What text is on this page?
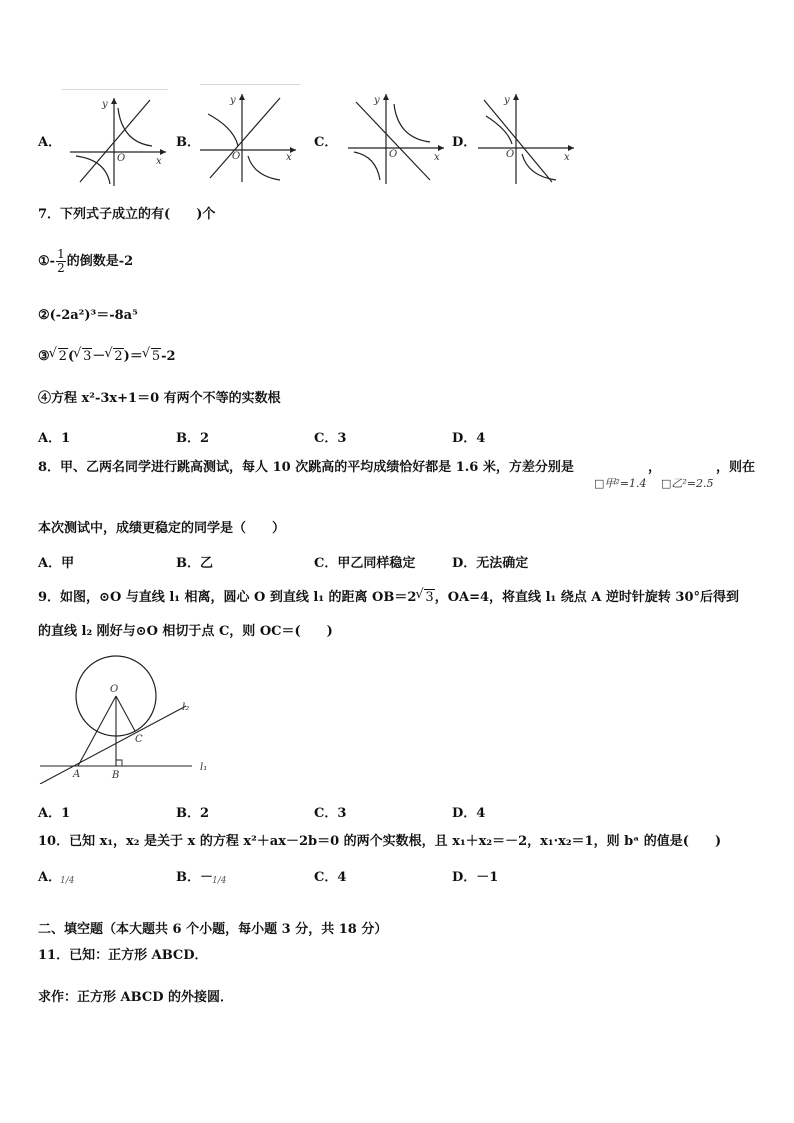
A．
y
x
O
B．
y
x
O
C．
y
x
O
D．
y
x
O
7．下列式子成立的有(　　)个
①- $\frac{1}{2}$ 的倒数是-2
②(-2a²)³＝-8a⁵
③ √ 2( √ 3－ √ 2)＝ √ 5-2
④方程 x²-3x+1＝0 有两个不等的实数根
A．1	B．2	C．3	D．4
8．甲、乙两名同学进行跳高测试，每人 10 次跳高的平均成绩恰好都是 1.6 米，方差分别是	，	，则在
□甲²=1.4 □乙²=2.5
本次测试中，成绩更稳定的同学是（　　）
A．甲	B．乙	C．甲乙同样稳定	D．无法确定
9．如图，⊙O 与直线 l₁ 相离，圆心 O 到直线 l₁ 的距离 OB＝2 √ 3，OA=4，将直线 l₁ 绕点 A 逆时针旋转 30°后得到
的直线 l₂ 刚好与⊙O 相切于点 C，则 OC＝(　　)
O
A	B
C
l₁
l₂
A．1	B．2	C．3	D．4
10．已知 x₁，x₂ 是关于 x 的方程 x²＋ax－2b＝0 的两个实数根，且 x₁＋x₂＝－2，x₁·x₂＝1，则 bᵃ 的值是(　　)
A．
1/4	B．－ 1/4	C．4	D．－1
二、填空题（本大题共 6 个小题，每小题 3 分，共 18 分）
11．已知：正方形 ABCD．
求作：正方形 ABCD 的外接圆．
